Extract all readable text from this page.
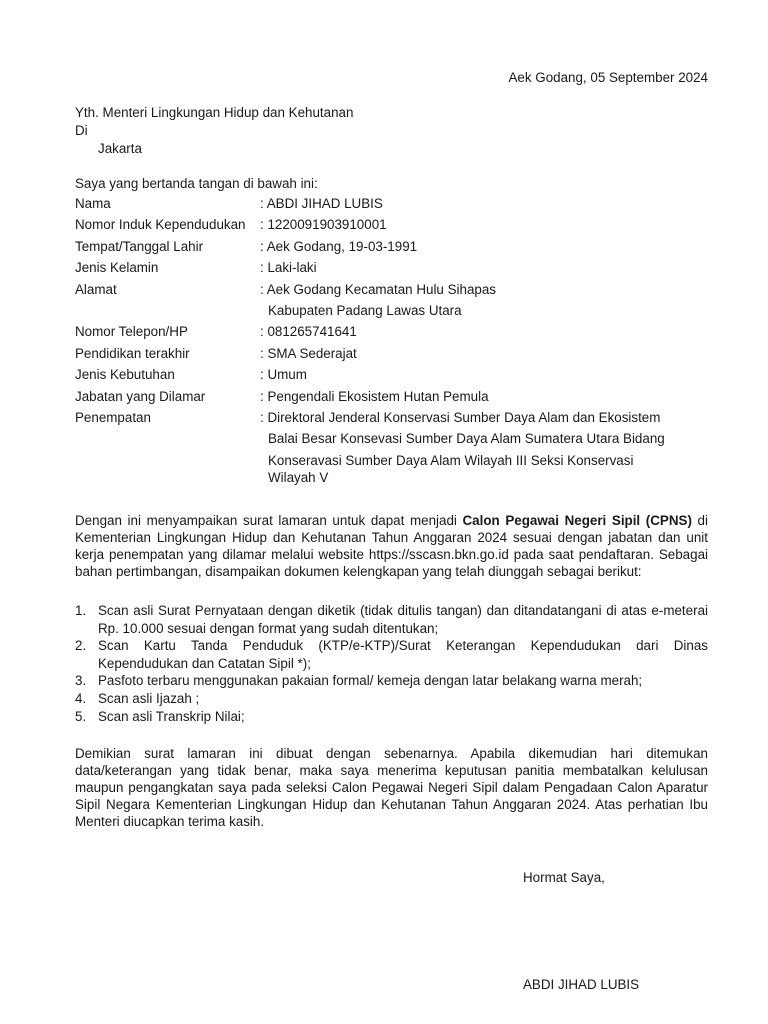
Aek Godang, 05 September 2024
Yth. Menteri Lingkungan Hidup dan Kehutanan
Di
Jakarta
Saya yang bertanda tangan di bawah ini:
Nama	: ABDI JIHAD LUBIS
Nomor Induk Kependudukan : 1220091903910001
Tempat/Tanggal Lahir	: Aek Godang, 19-03-1991
Jenis Kelamin	: Laki-laki
Alamat	: Aek Godang Kecamatan Hulu Sihapas
Kabupaten Padang Lawas Utara
Nomor Telepon/HP	: 081265741641
Pendidikan terakhir	: SMA Sederajat
Jenis Kebutuhan	: Umum
Jabatan yang Dilamar	: Pengendali Ekosistem Hutan Pemula
Penempatan	: Direktoral Jenderal Konservasi Sumber Daya Alam dan Ekosistem
Balai Besar Konsevasi Sumber Daya Alam Sumatera Utara Bidang
Konseravasi Sumber Daya Alam Wilayah III Seksi Konservasi
Wilayah V

Dengan ini menyampaikan surat lamaran untuk dapat menjadi Calon Pegawai Negeri Sipil (CPNS) di Kementerian Lingkungan Hidup dan Kehutanan Tahun Anggaran 2024 sesuai dengan jabatan dan unit kerja penempatan yang dilamar melalui website https://sscasn.bkn.go.id pada saat pendaftaran. Sebagai bahan pertimbangan, disampaikan dokumen kelengkapan yang telah diunggah sebagai berikut:

1. Scan asli Surat Pernyataan dengan diketik (tidak ditulis tangan) dan ditandatangani di atas e-meterai Rp. 10.000 sesuai dengan format yang sudah ditentukan;
2. Scan Kartu Tanda Penduduk (KTP/e-KTP)/Surat Keterangan Kependudukan dari Dinas Kependudukan dan Catatan Sipil *);
3. Pasfoto terbaru menggunakan pakaian formal/ kemeja dengan latar belakang warna merah;
4. Scan asli Ijazah ;
5. Scan asli Transkrip Nilai;

Demikian surat lamaran ini dibuat dengan sebenarnya. Apabila dikemudian hari ditemukan data/keterangan yang tidak benar, maka saya menerima keputusan panitia membatalkan kelulusan maupun pengangkatan saya pada seleksi Calon Pegawai Negeri Sipil dalam Pengadaan Calon Aparatur Sipil Negara Kementerian Lingkungan Hidup dan Kehutanan Tahun Anggaran 2024. Atas perhatian Ibu Menteri diucapkan terima kasih.

Hormat Saya,
ABDI JIHAD LUBIS
